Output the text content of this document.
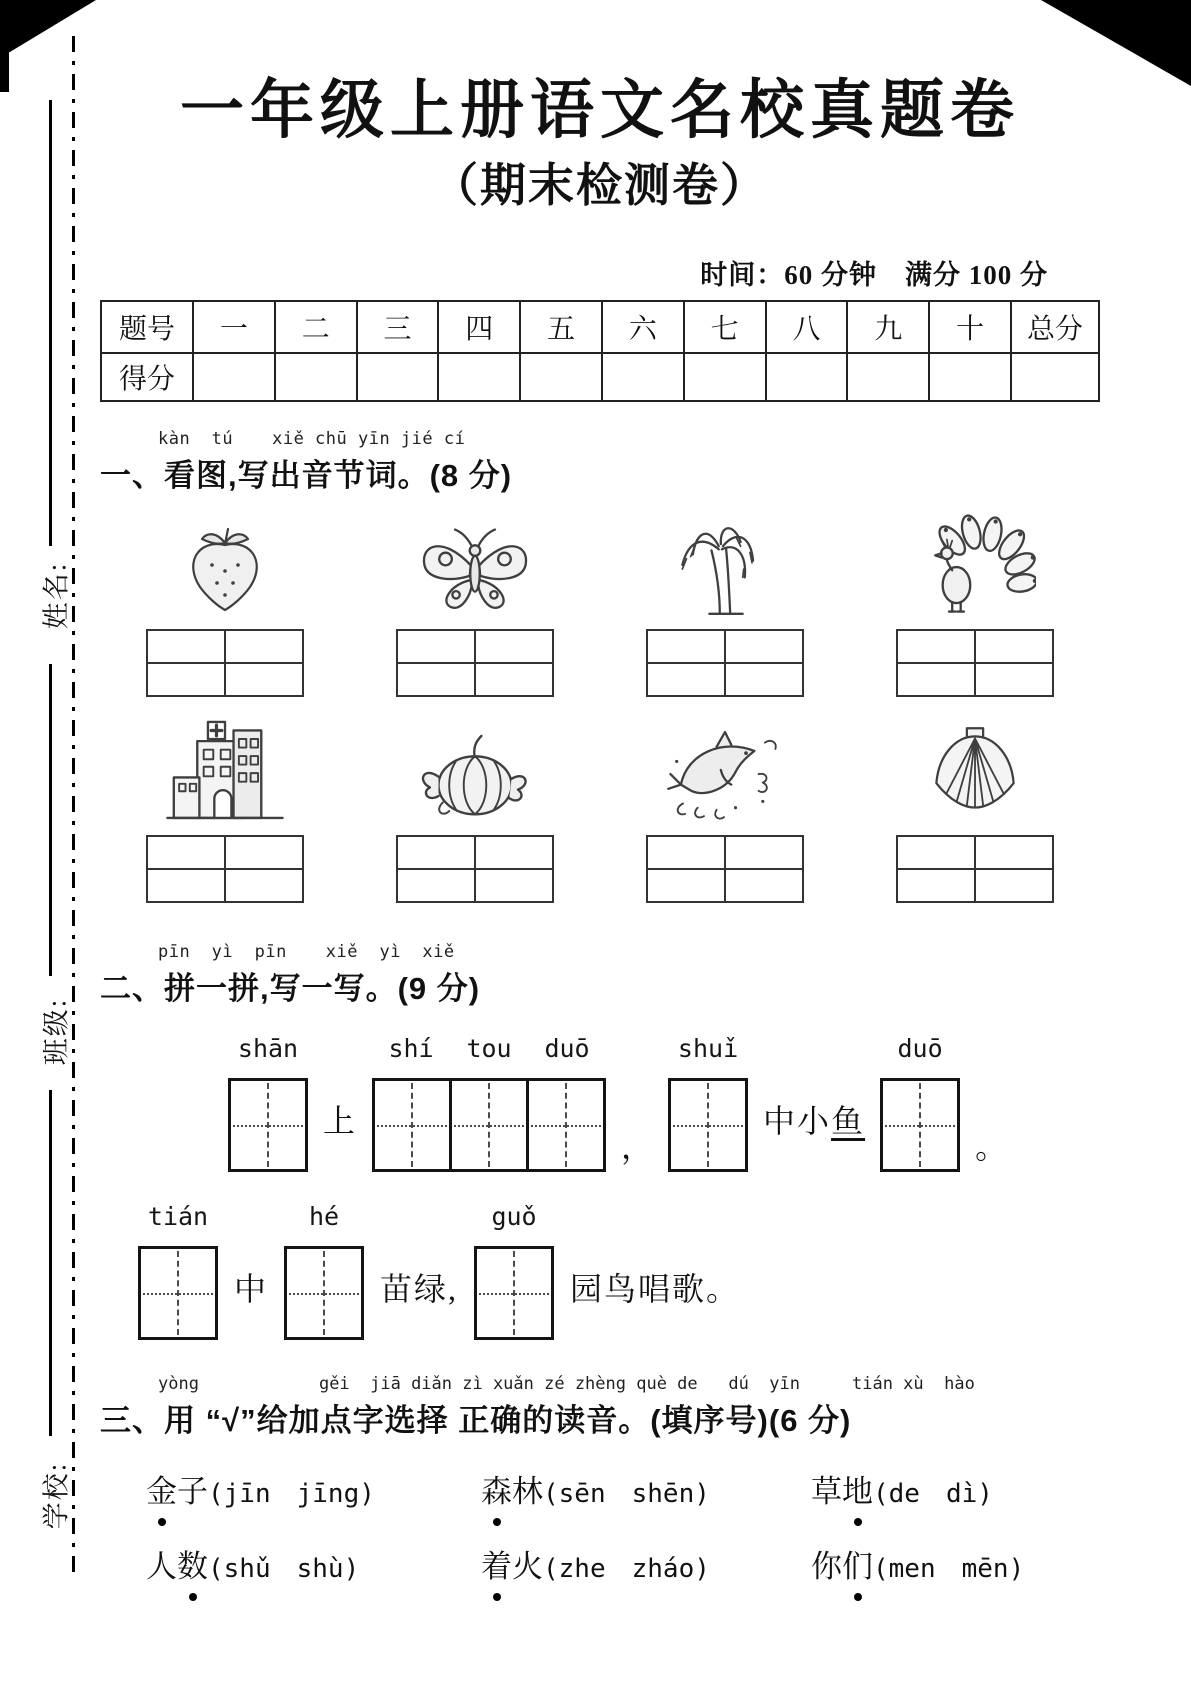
姓名:
班级:
学校:
一年级上册语文名校真题卷
（期末检测卷）
时间：60 分钟　满分 100 分
题号	一	二	三	四	五	六	七	八	九	十	总分
得分											
kàn  tú　  xiě chū yīn jié cí
一、看图,写出音节词。(8 分)

pīn  yì  pīn　  xiě  yì  xiě
二、拼一拼,写一写。(9 分)
shān
上
shí	tou	duō
，
shuǐ
中小鱼
duō
。
tián
中
hé
苗绿,
guǒ
园鸟唱歌。
yòng	gěi  jiā diǎn zì xuǎn zé zhèng què de   dú  yīn	tián xù  hào
三、用 “√”给加点字选择 正确的读音。(填序号)(6 分)
金子(jīn　jīng)	森林(sēn　shēn)	草地(de　dì)
人数(shǔ　shù)	着火(zhe　zháo)	你们(men　mēn)
